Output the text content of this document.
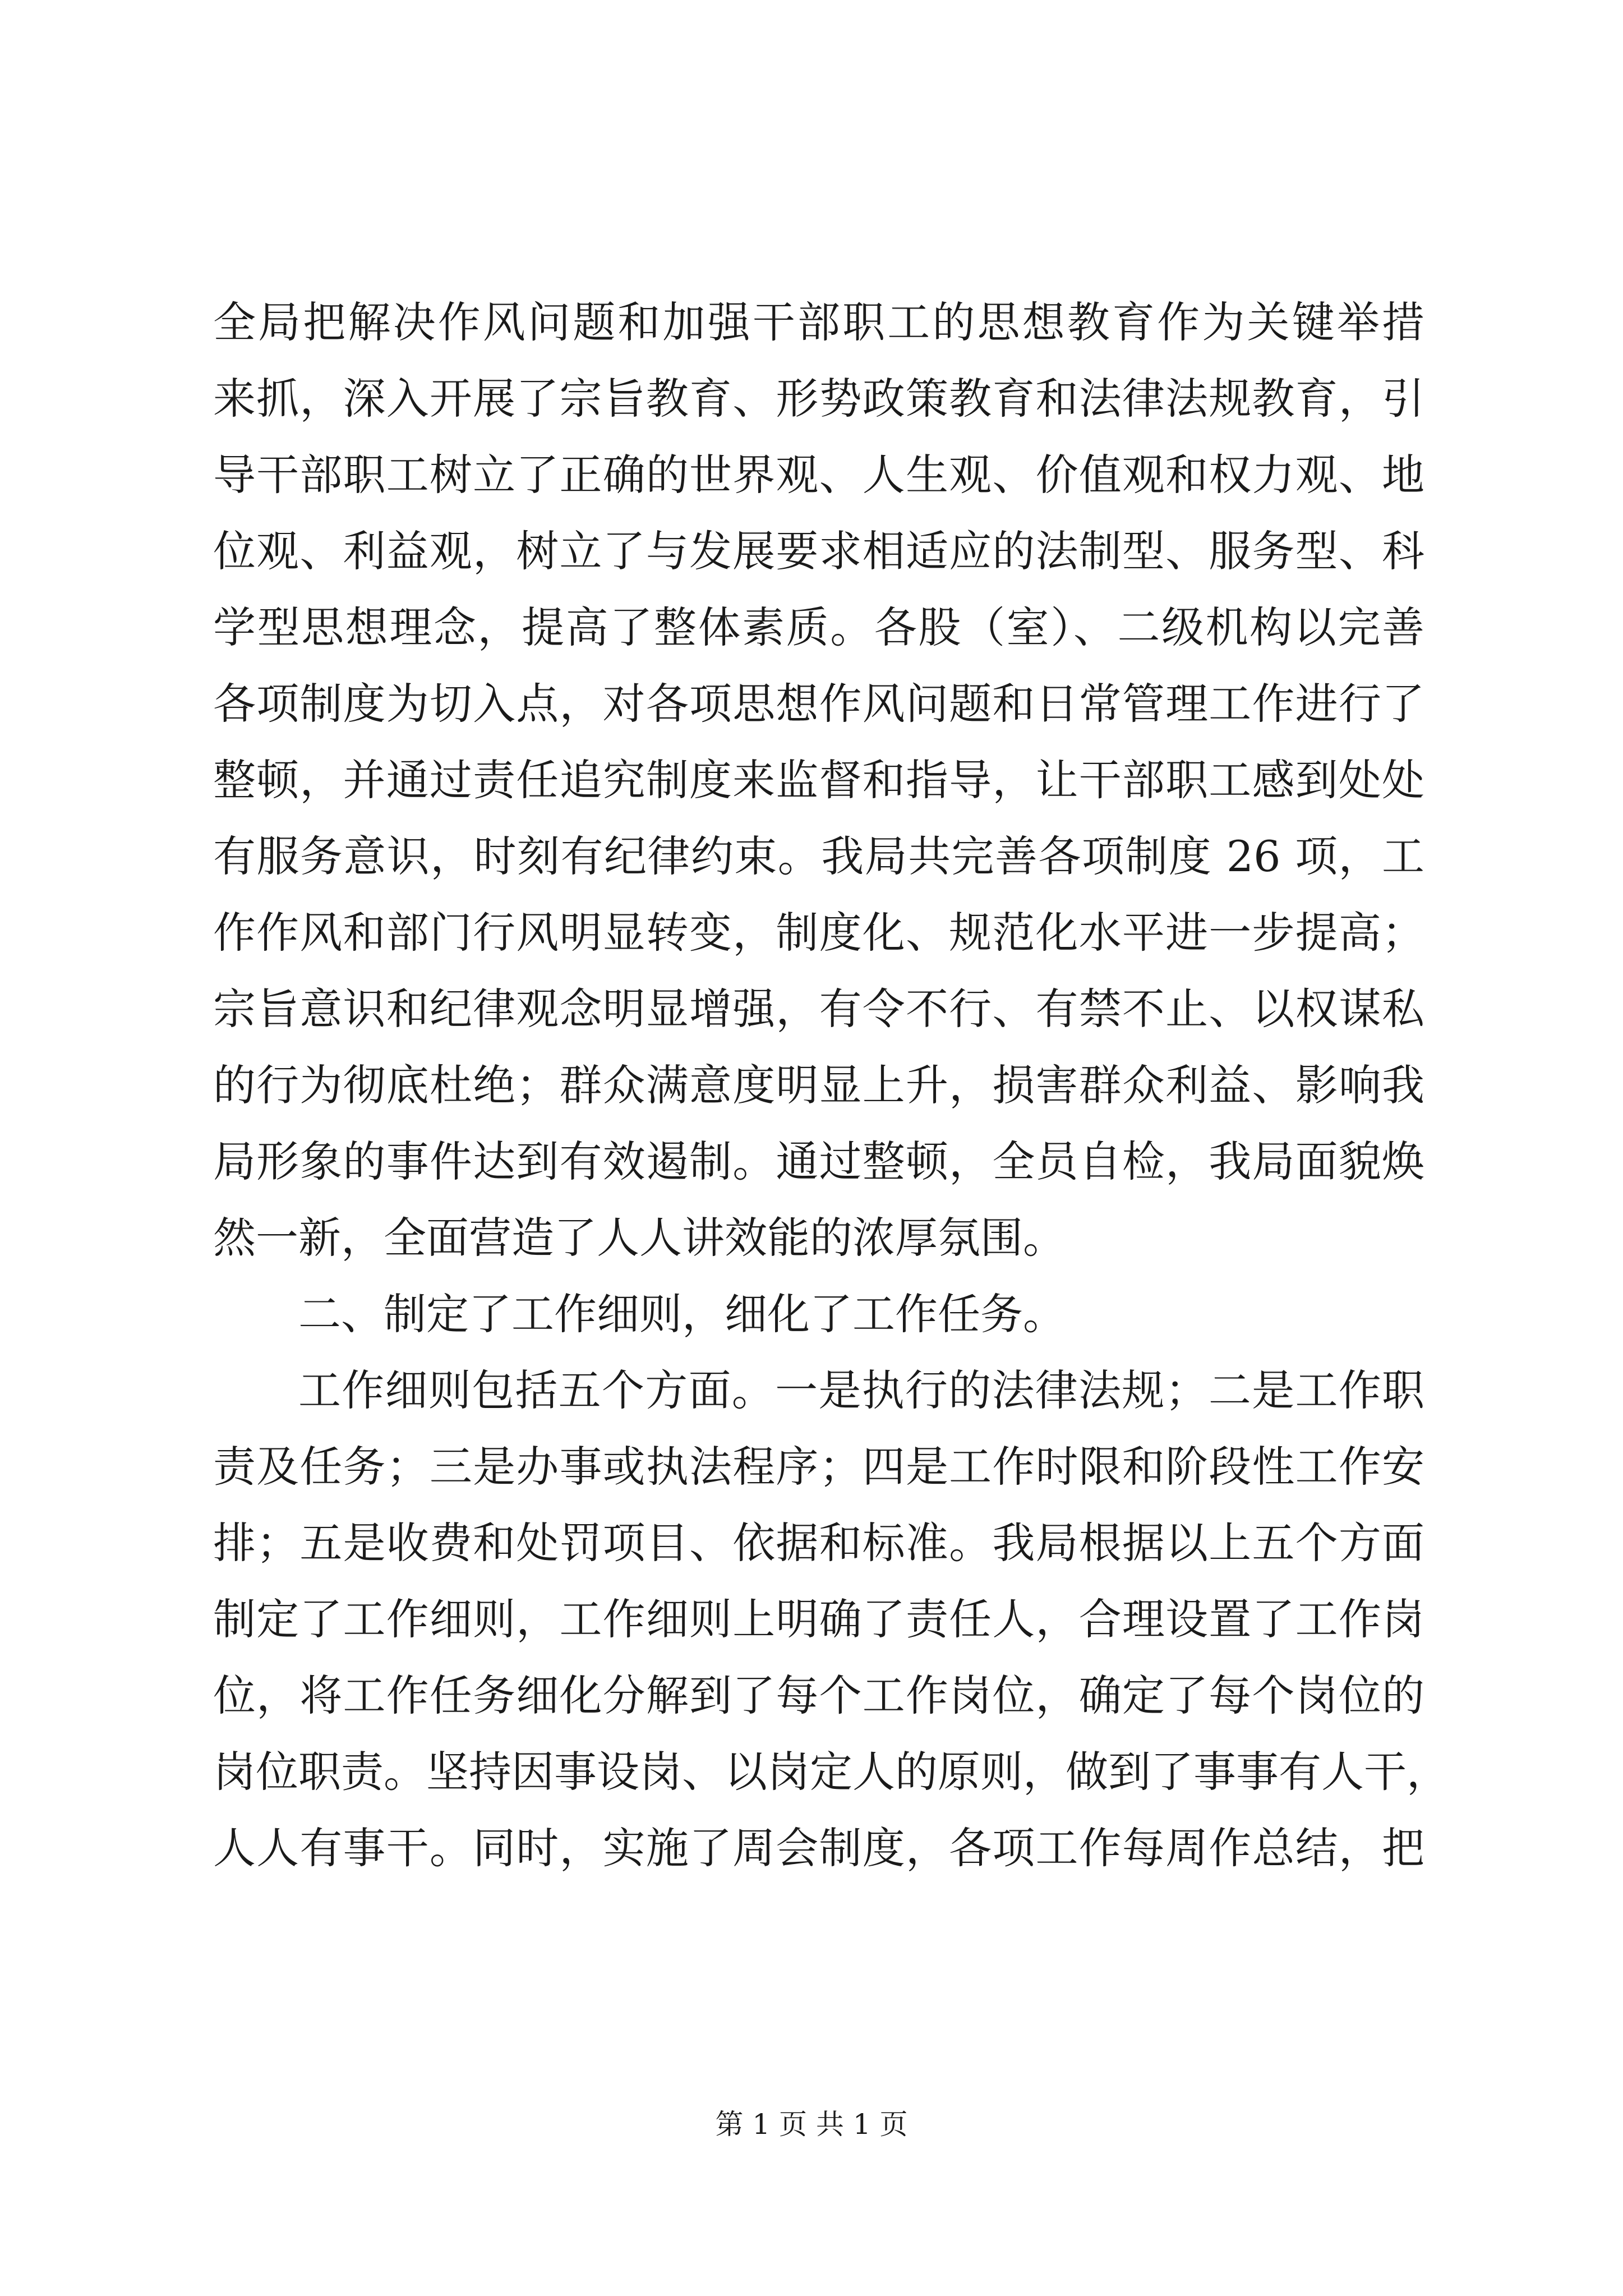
全局把解决作风问题和加强干部职工的思想教育作为关键举措
来抓，深入开展了宗旨教育、形势政策教育和法律法规教育，引
导干部职工树立了正确的世界观、人生观、价值观和权力观、地
位观、利益观，树立了与发展要求相适应的法制型、服务型、科
学型思想理念，提高了整体素质。各股（室）、二级机构以完善
各项制度为切入点，对各项思想作风问题和日常管理工作进行了
整顿，并通过责任追究制度来监督和指导，让干部职工感到处处
有服务意识，时刻有纪律约束。我局共完善各项制度 26 项，工
作作风和部门行风明显转变，制度化、规范化水平进一步提高；
宗旨意识和纪律观念明显增强，有令不行、有禁不止、以权谋私
的行为彻底杜绝；群众满意度明显上升，损害群众利益、影响我
局形象的事件达到有效遏制。通过整顿，全员自检，我局面貌焕
然一新，全面营造了人人讲效能的浓厚氛围。
二、制定了工作细则，细化了工作任务。
工作细则包括五个方面。一是执行的法律法规；二是工作职
责及任务；三是办事或执法程序；四是工作时限和阶段性工作安
排；五是收费和处罚项目、依据和标准。我局根据以上五个方面
制定了工作细则，工作细则上明确了责任人，合理设置了工作岗
位，将工作任务细化分解到了每个工作岗位，确定了每个岗位的
岗位职责。坚持因事设岗、以岗定人的原则，做到了事事有人干，
人人有事干。同时，实施了周会制度，各项工作每周作总结，把
第 1 页 共 1 页
